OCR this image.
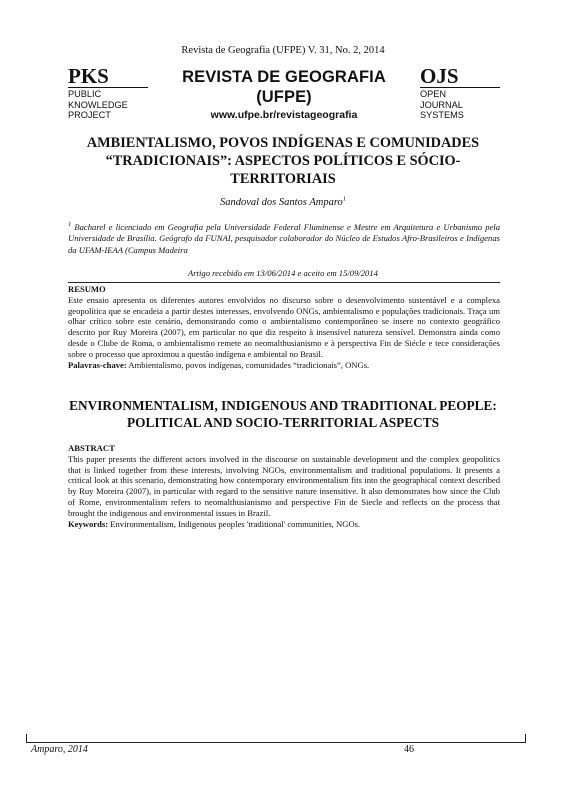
Revista de Geografia (UFPE) V. 31, No. 2, 2014
PKS
PUBLIC
KNOWLEDGE
PROJECT
REVISTA DE GEOGRAFIA
(UFPE)
www.ufpe.br/revistageografia
OJS
OPEN
JOURNAL
SYSTEMS
AMBIENTALISMO, POVOS INDÍGENAS E COMUNIDADES
“TRADICIONAIS”: ASPECTOS POLÍTICOS E SÓCIO-
TERRITORIAIS
Sandoval dos Santos Amparo$^1$
$^1$ Bacharel e licenciado em Geografia pela Universidade Federal Fluminense e Mestre em Arquitetura e Urbanismo pela Universidade de Brasília. Geógrafo da FUNAI, pesquisador colaborador do Núcleo de Estudos Afro-Brasileiros e Indígenas da UFAM-IEAA (Campus Madeira
Artigo recebido em 13/06/2014 e aceito em 15/09/2014
RESUMO
Este ensaio apresenta os diferentes autores envolvidos no discurso sobre o desenvolvimento sustentável e a complexa geopolítica que se encadeia a partir destes interesses, envolvendo ONGs, ambientalismo e populações tradicionais. Traça um olhar crítico sobre este cenário, demonstrando como o ambientalismo contemporâneo se insere no contexto geográfico descrito por Ruy Moreira (2007), em particular no que diz respeito à insensível natureza sensível. Demonstra ainda como desde o Clube de Roma, o ambientalismo remete ao neomalthusianismo e à perspectiva Fin de Siécle e tece considerações sobre o processo que aproximou a questão indígena e ambiental no Brasil.
Palavras-chave: Ambientalismo, povos indígenas, comunidades “tradicionais”, ONGs.
ENVIRONMENTALISM, INDIGENOUS AND TRADITIONAL PEOPLE:
POLITICAL AND SOCIO-TERRITORIAL ASPECTS
ABSTRACT
This paper presents the different actors involved in the discourse on sustainable development and the complex geopolitics that is linked together from these interests, involving NGOs, environmentalism and traditional populations. It presents a critical look at this scenario, demonstrating how contemporary environmentalism fits into the geographical context described by Ruy Moreira (2007), in particular with regard to the sensitive nature insensitive. It also demonstrates how since the Club of Rome, environmentalism refers to neomalthusianismo and perspective Fin de Siecle and reflects on the process that brought the indigenous and environmental issues in Brazil.
Keywords: Environmentalism, Indigenous peoples 'traditional' communities, NGOs.
Amparo, 2014	46
